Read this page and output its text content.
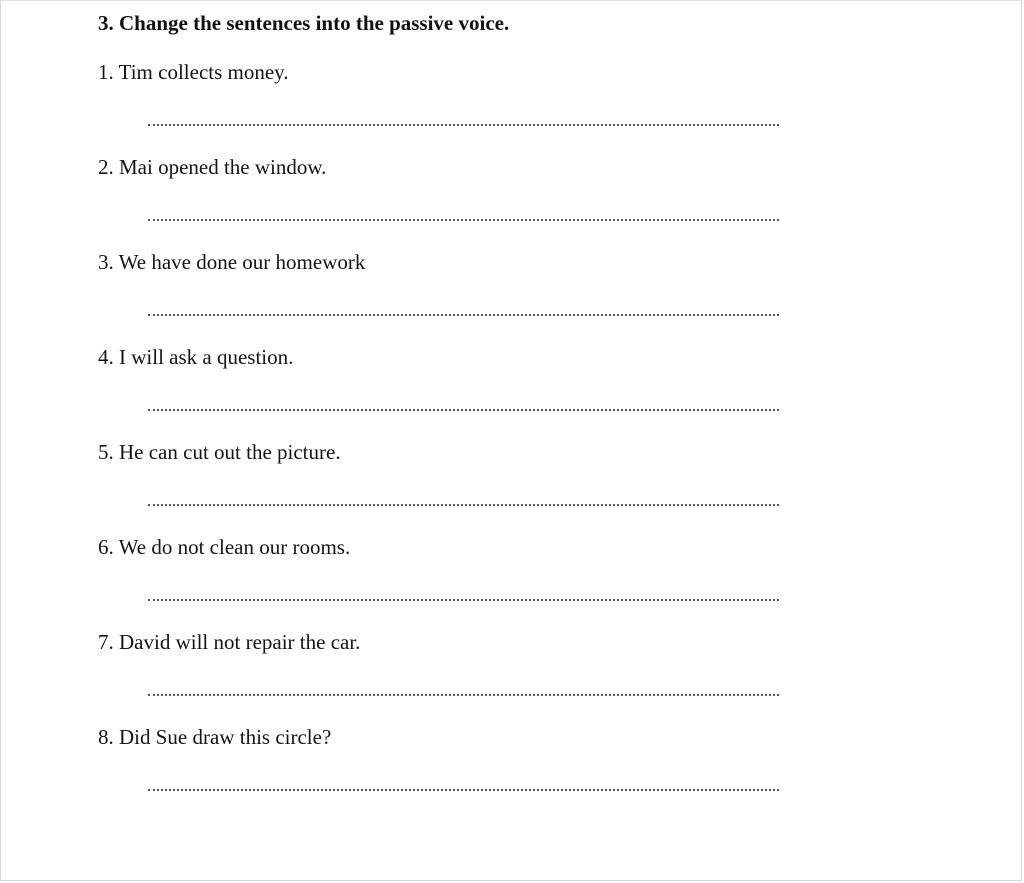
3. Change the sentences into the passive voice.
1. Tim collects money.
2. Mai opened the window.
3. We have done our homework
4. I will ask a question.
5. He can cut out the picture.
6. We do not clean our rooms.
7. David will not repair the car.
8. Did Sue draw this circle?
